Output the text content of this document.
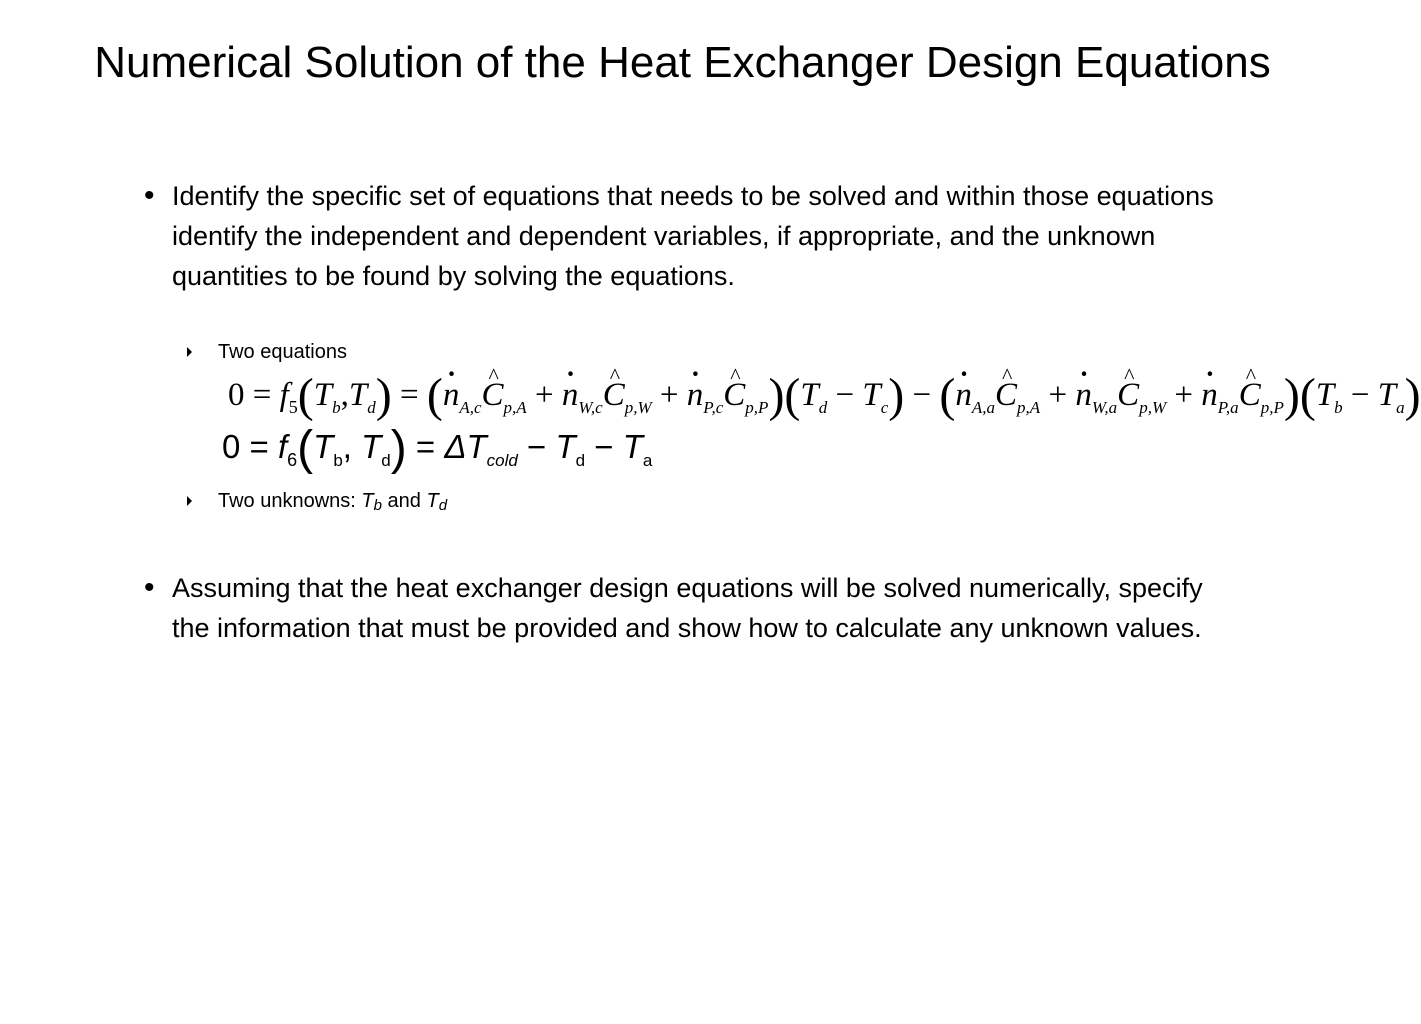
Numerical Solution of the Heat Exchanger Design Equations
• Identify the specific set of equations that needs to be solved and within those equations identify the independent and dependent variables, if appropriate, and the unknown quantities to be found by solving the equations.
Two equations
$0 = f_5(T_b,T_d)$ = (· $n_{A,c}\^{}$ $C_{p,A}$ + · $n_{W,c}\^{}$ $C_{p,W}$ + · $n_{P,c}\^{}$ $C_{p,P})(T_d - T_c)$ − (· $n_{A,a}\^{}$ $C_{p,A}$ + · $n_{W,a}\^{}$ $C_{p,W}$ + · $n_{P,a}\^{}$ $C_{p,P})(T_b - T_a)$
$0 = f_6(T_b$, $T_d) = \Delta T_{cold} - T_d - T_a$
Two unknowns: Tb and Td
• Assuming that the heat exchanger design equations will be solved numerically, specify the information that must be provided and show how to calculate any unknown values.
